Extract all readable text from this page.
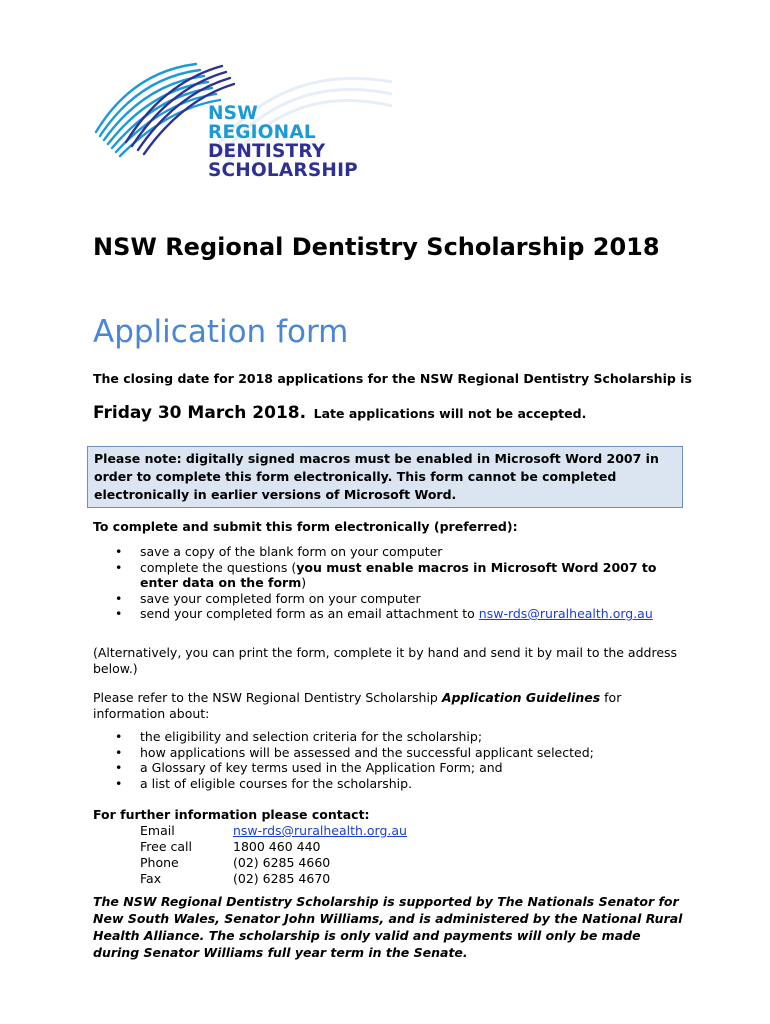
NSW
REGIONAL
DENTISTRY
SCHOLARSHIP
NSW Regional Dentistry Scholarship 2018
Application form
The closing date for 2018 applications for the NSW Regional Dentistry Scholarship is
Friday 30 March 2018. Late applications will not be accepted.
Please note: digitally signed macros must be enabled in Microsoft Word 2007 in order to complete this form electronically. This form cannot be completed electronically in earlier versions of Microsoft Word.
To complete and submit this form electronically (preferred):
• save a copy of the blank form on your computer
• complete the questions (you must enable macros in Microsoft Word 2007 to enter data on the form)
• save your completed form on your computer
• send your completed form as an email attachment to nsw-rds@ruralhealth.org.au
(Alternatively, you can print the form, complete it by hand and send it by mail to the address below.)
Please refer to the NSW Regional Dentistry Scholarship Application Guidelines for information about:
• the eligibility and selection criteria for the scholarship;
• how applications will be assessed and the successful applicant selected;
• a Glossary of key terms used in the Application Form; and
• a list of eligible courses for the scholarship.
For further information please contact:
Email	nsw-rds@ruralhealth.org.au
Free call	1800 460 440
Phone	(02) 6285 4660
Fax	(02) 6285 4670
The NSW Regional Dentistry Scholarship is supported by The Nationals Senator for New South Wales, Senator John Williams, and is administered by the National Rural Health Alliance. The scholarship is only valid and payments will only be made during Senator Williams full year term in the Senate.
